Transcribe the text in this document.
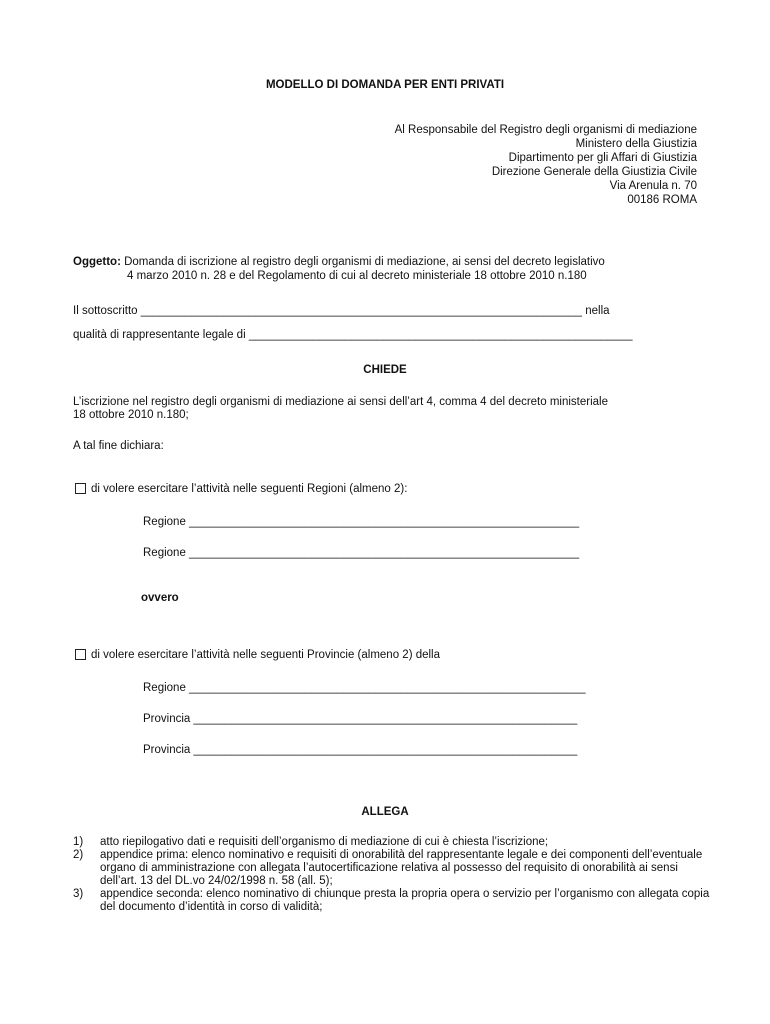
MODELLO DI DOMANDA PER ENTI PRIVATI
Al Responsabile del Registro degli organismi di mediazione
Ministero della Giustizia
Dipartimento per gli Affari di Giustizia
Direzione Generale della Giustizia Civile
Via Arenula n. 70
00186 ROMA
Oggetto: Domanda di iscrizione al registro degli organismi di mediazione, ai sensi del decreto legislativo
4 marzo 2010 n. 28 e del Regolamento di cui al decreto ministeriale 18 ottobre 2010 n.180
Il sottoscritto _____________________________________________________________________ nella
qualità di rappresentante legale di ____________________________________________________________
CHIEDE
L’iscrizione nel registro degli organismi di mediazione ai sensi dell’art 4, comma 4 del decreto ministeriale
18 ottobre 2010 n.180;
A tal fine dichiara:
di volere esercitare l’attività nelle seguenti Regioni (almeno 2):
Regione _____________________________________________________________
Regione _____________________________________________________________
ovvero
di volere esercitare l’attività nelle seguenti Provincie (almeno 2) della
Regione ______________________________________________________________
Provincia ____________________________________________________________
Provincia ____________________________________________________________
ALLEGA
1)	atto riepilogativo dati e requisiti dell’organismo di mediazione di cui è chiesta l’iscrizione;
2)	appendice prima: elenco nominativo e requisiti di onorabilità del rappresentante legale e dei componenti dell’eventuale organo di amministrazione con allegata l’autocertificazione relativa al possesso del requisito di onorabilità ai sensi dell’art. 13 del DL.vo 24/02/1998 n. 58 (all. 5);
3)	appendice seconda: elenco nominativo di chiunque presta la propria opera o servizio per l’organismo con allegata copia del documento d’identità in corso di validità;
